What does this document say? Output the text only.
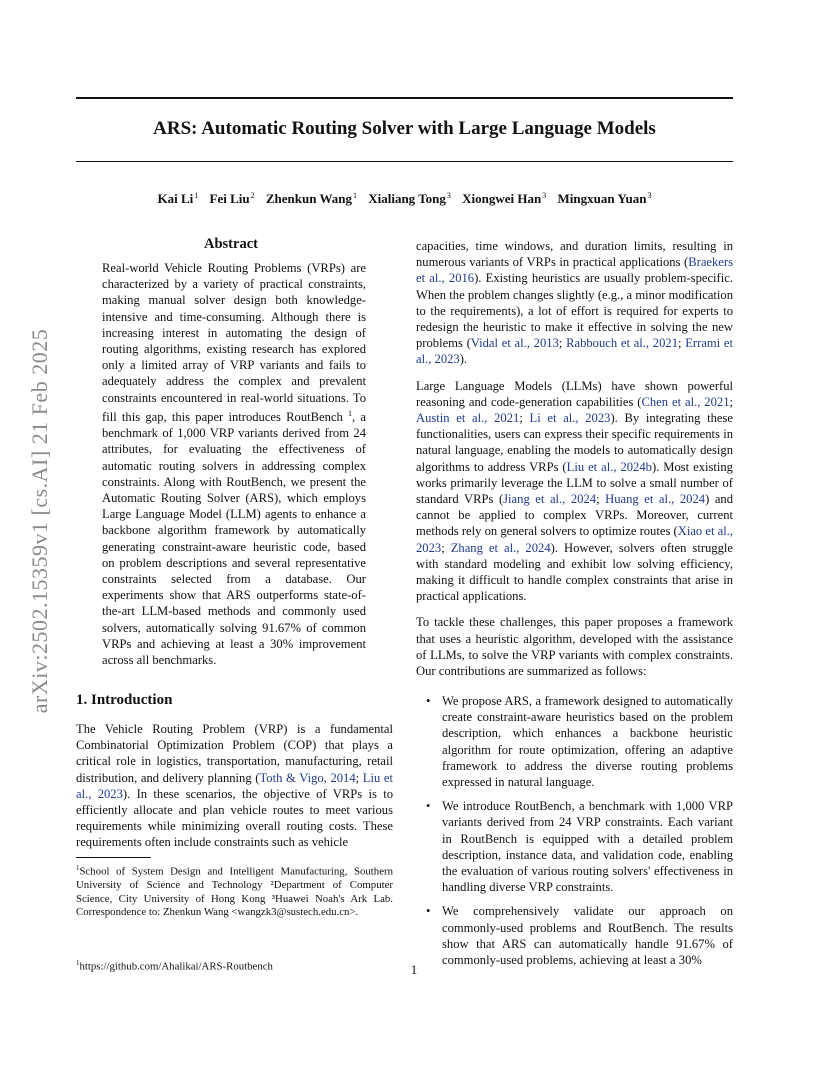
arXiv:2502.15359v1 [cs.AI] 21 Feb 2025
ARS: Automatic Routing Solver with Large Language Models
Kai Li$^1$ Fei Liu$^2$ Zhenkun Wang$^1$ Xialiang Tong$^3$ Xiongwei Han$^3$ Mingxuan Yuan$^3$
Abstract

Real-world Vehicle Routing Problems (VRPs) are characterized by a variety of practical constraints, making manual solver design both knowledge-intensive and time-consuming. Although there is increasing interest in automating the design of routing algorithms, existing research has explored only a limited array of VRP variants and fails to adequately address the complex and prevalent constraints encountered in real-world situations. To fill this gap, this paper introduces RoutBench $^1$, a benchmark of 1,000 VRP variants derived from 24 attributes, for evaluating the effectiveness of automatic routing solvers in addressing complex constraints. Along with RoutBench, we present the Automatic Routing Solver (ARS), which employs Large Language Model (LLM) agents to enhance a backbone algorithm framework by automatically generating constraint-aware heuristic code, based on problem descriptions and several representative constraints selected from a database. Our experiments show that ARS outperforms state-of-the-art LLM-based methods and commonly used solvers, automatically solving 91.67% of common VRPs and achieving at least a 30% improvement across all benchmarks.

1. Introduction

The Vehicle Routing Problem (VRP) is a fundamental Combinatorial Optimization Problem (COP) that plays a critical role in logistics, transportation, manufacturing, retail distribution, and delivery planning (Toth & Vigo, 2014; Liu et al., 2023). In these scenarios, the objective of VRPs is to efficiently allocate and plan vehicle routes to meet various requirements while minimizing overall routing costs. These requirements often include constraints such as vehicle

$^1$School of System Design and Intelligent Manufacturing, Southern University of Science and Technology ²Department of Computer Science, City University of Hong Kong ³Huawei Noah's Ark Lab. Correspondence to: Zhenkun Wang <wangzk3@sustech.edu.cn>.
$^1$https://github.com/Ahalikai/ARS-Routbench

capacities, time windows, and duration limits, resulting in numerous variants of VRPs in practical applications (Braekers et al., 2016). Existing heuristics are usually problem-specific. When the problem changes slightly (e.g., a minor modification to the requirements), a lot of effort is required for experts to redesign the heuristic to make it effective in solving the new problems (Vidal et al., 2013; Rabbouch et al., 2021; Errami et al., 2023).

Large Language Models (LLMs) have shown powerful reasoning and code-generation capabilities (Chen et al., 2021; Austin et al., 2021; Li et al., 2023). By integrating these functionalities, users can express their specific requirements in natural language, enabling the models to automatically design algorithms to address VRPs (Liu et al., 2024b). Most existing works primarily leverage the LLM to solve a small number of standard VRPs (Jiang et al., 2024; Huang et al., 2024) and cannot be applied to complex VRPs. Moreover, current methods rely on general solvers to optimize routes (Xiao et al., 2023; Zhang et al., 2024). However, solvers often struggle with standard modeling and exhibit low solving efficiency, making it difficult to handle complex constraints that arise in practical applications.

To tackle these challenges, this paper proposes a framework that uses a heuristic algorithm, developed with the assistance of LLMs, to solve the VRP variants with complex constraints. Our contributions are summarized as follows:

• We propose ARS, a framework designed to automatically create constraint-aware heuristics based on the problem description, which enhances a backbone heuristic algorithm for route optimization, offering an adaptive framework to address the diverse routing problems expressed in natural language.
• We introduce RoutBench, a benchmark with 1,000 VRP variants derived from 24 VRP constraints. Each variant in RoutBench is equipped with a detailed problem description, instance data, and validation code, enabling the evaluation of various routing solvers' effectiveness in handling diverse VRP constraints.
• We comprehensively validate our approach on commonly-used problems and RoutBench. The results show that ARS can automatically handle 91.67% of commonly-used problems, achieving at least a 30%
1
